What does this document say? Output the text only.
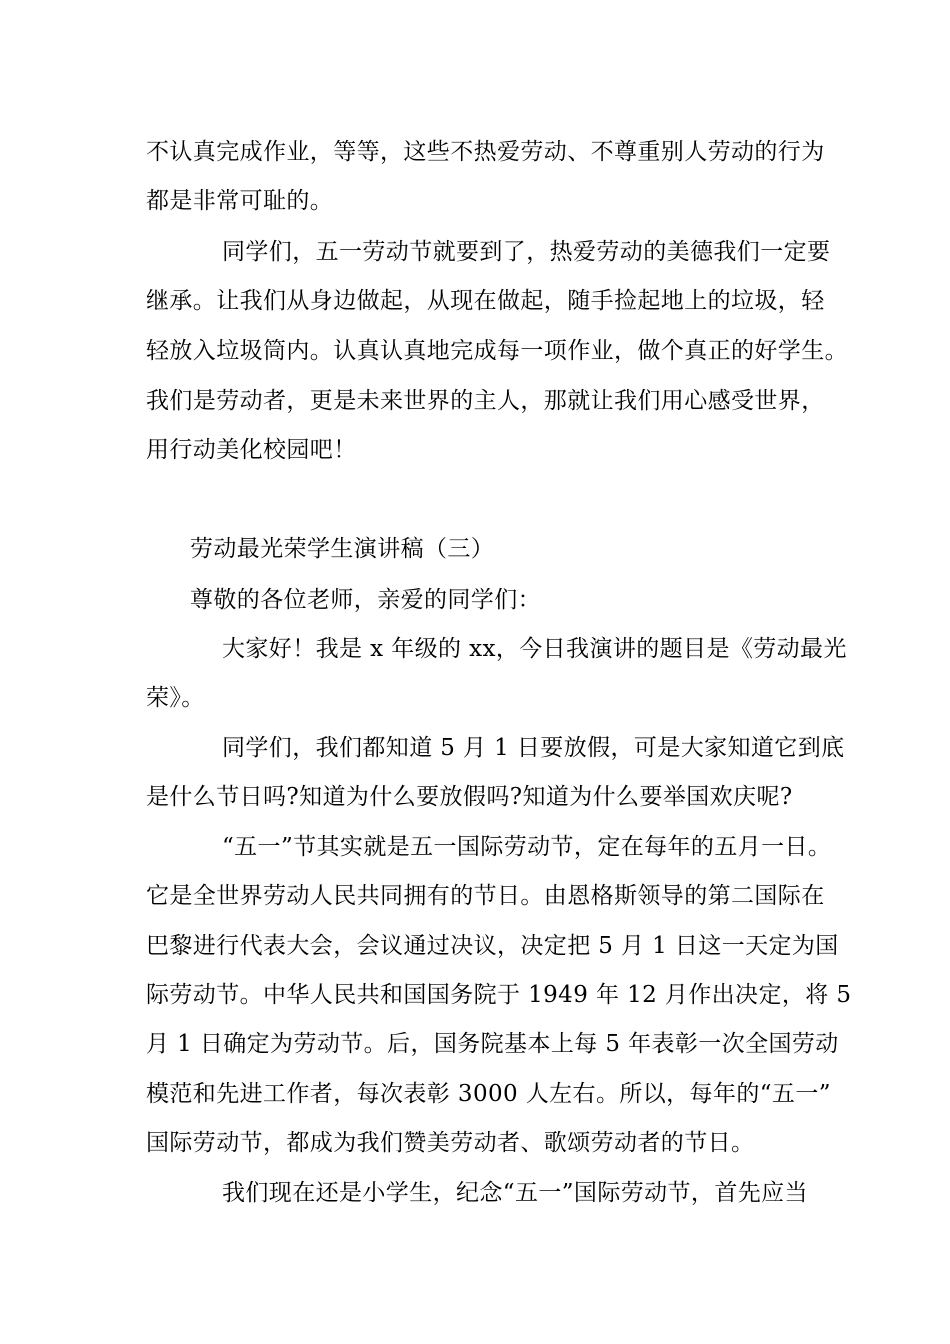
不认真完成作业，等等，这些不热爱劳动、不尊重别人劳动的行为
都是非常可耻的。
同学们，五一劳动节就要到了，热爱劳动的美德我们一定要
继承。让我们从身边做起，从现在做起，随手捡起地上的垃圾，轻
轻放入垃圾筒内。认真认真地完成每一项作业，做个真正的好学生。
我们是劳动者，更是未来世界的主人，那就让我们用心感受世界，
用行动美化校园吧！
劳动最光荣学生演讲稿（三）
尊敬的各位老师，亲爱的同学们：
大家好！我是 x 年级的 xx，今日我演讲的题目是《劳动最光
荣》。
同学们，我们都知道 5 月 1 日要放假，可是大家知道它到底
是什么节日吗?知道为什么要放假吗?知道为什么要举国欢庆呢?
“五一”节其实就是五一国际劳动节，定在每年的五月一日。
它是全世界劳动人民共同拥有的节日。由恩格斯领导的第二国际在
巴黎进行代表大会，会议通过决议，决定把 5 月 1 日这一天定为国
际劳动节。中华人民共和国国务院于 1949 年 12 月作出决定，将 5
月 1 日确定为劳动节。后，国务院基本上每 5 年表彰一次全国劳动
模范和先进工作者，每次表彰 3000 人左右。所以，每年的“五一”
国际劳动节，都成为我们赞美劳动者、歌颂劳动者的节日。
我们现在还是小学生，纪念“五一”国际劳动节，首先应当
